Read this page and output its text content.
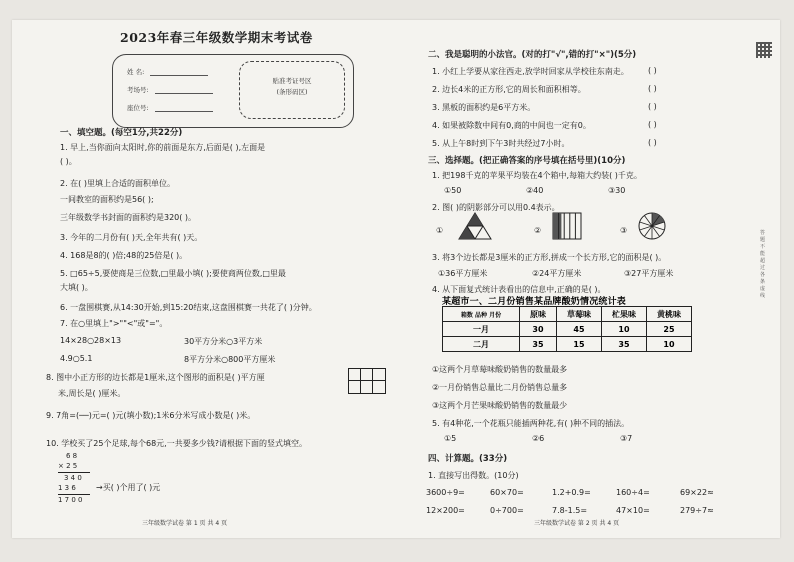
2023年春三年级数学期末考试卷
姓 名:
考场号:
座位号:
贴准考证号区
(条形码区)
一、填空题。(每空1分,共22分)
1. 早上,当你面向太阳时,你的前面是东方,后面是( ),左面是
( )。
2. 在( )里填上合适的面积单位。
一间教室的面积约是56( );
三年级数学书封面的面积约是320( )。
3. 今年的二月份有( )天,全年共有( )天。
4. 168是8的( )倍;48的25倍是( )。
5. □65÷5,要使商是三位数,□里最小填( );要使商两位数,□里最
大填( )。
6. 一盘围棋赛,从14:30开始,到15:20结束,这盘围棋赛一共花了( )分钟。
7. 在○里填上">""<"或"="。
14×28○28×13	30平方分米○3平方米
4.9○5.1	8平方分米○800平方厘米
8. 图中小正方形的边长都是1厘米,这个图形的面积是( )平方厘
米,周长是( )厘米。
9. 7角=(──)元=( )元(填小数);1米6分米写成小数是( )米。
10. 学校买了25个足球,每个68元,一共要多少钱?请根据下面的竖式填空。
6 8
× 2 5
3 4 0
1 3 6	→买( )个用了( )元
1 7 0 0
三年级数学试卷 第 1 页 共 4 页
二、我是聪明的小法官。(对的打"√",错的打"×")(5分)
1. 小红上学要从家往西走,放学时回家从学校往东南走。 ( )
2. 边长4米的正方形,它的周长和面积相等。	( )
3. 黑板的面积约是6平方米。	( )
4. 如果被除数中间有0,商的中间也一定有0。	( )
5. 从上午8时到下午3时共经过7小时。	( )
三、选择题。(把正确答案的序号填在括号里)(10分)
1. 把198千克的苹果平均装在4个箱中,每箱大约装( )千克。
①50	②40	③30
2. 图( )的阴影部分可以用0.4表示。
①	②	③
3. 将3个边长都是3厘米的正方形,拼成一个长方形,它的面积是( )。
①36平方厘米	②24平方厘米	③27平方厘米
4. 从下面复式统计表看出的信息中,正确的是( )。
某超市一、二月份销售某品牌酸奶情况统计表
箱数 品种 月份	原味	草莓味	杧果味	黄桃味
一月	30	45	10	25
二月	35	15	35	10
①这两个月草莓味酸奶销售的数量最多
②一月份销售总量比二月份销售总量多
③这两个月芒果味酸奶销售的数量最少
5. 有4种花,一个花瓶只能插两种花,有( )种不同的插法。
①5	②6	③7
四、计算题。(33分)
1. 直接写出得数。(10分)
3600÷9=	60×70=	1.2+0.9=	160÷4=	69×22≈
12×200=	0÷700=	7.8-1.5=	47×10=	279÷7≈
三年级数学试卷 第 2 页 共 4 页
答题不能超过各条虚线
